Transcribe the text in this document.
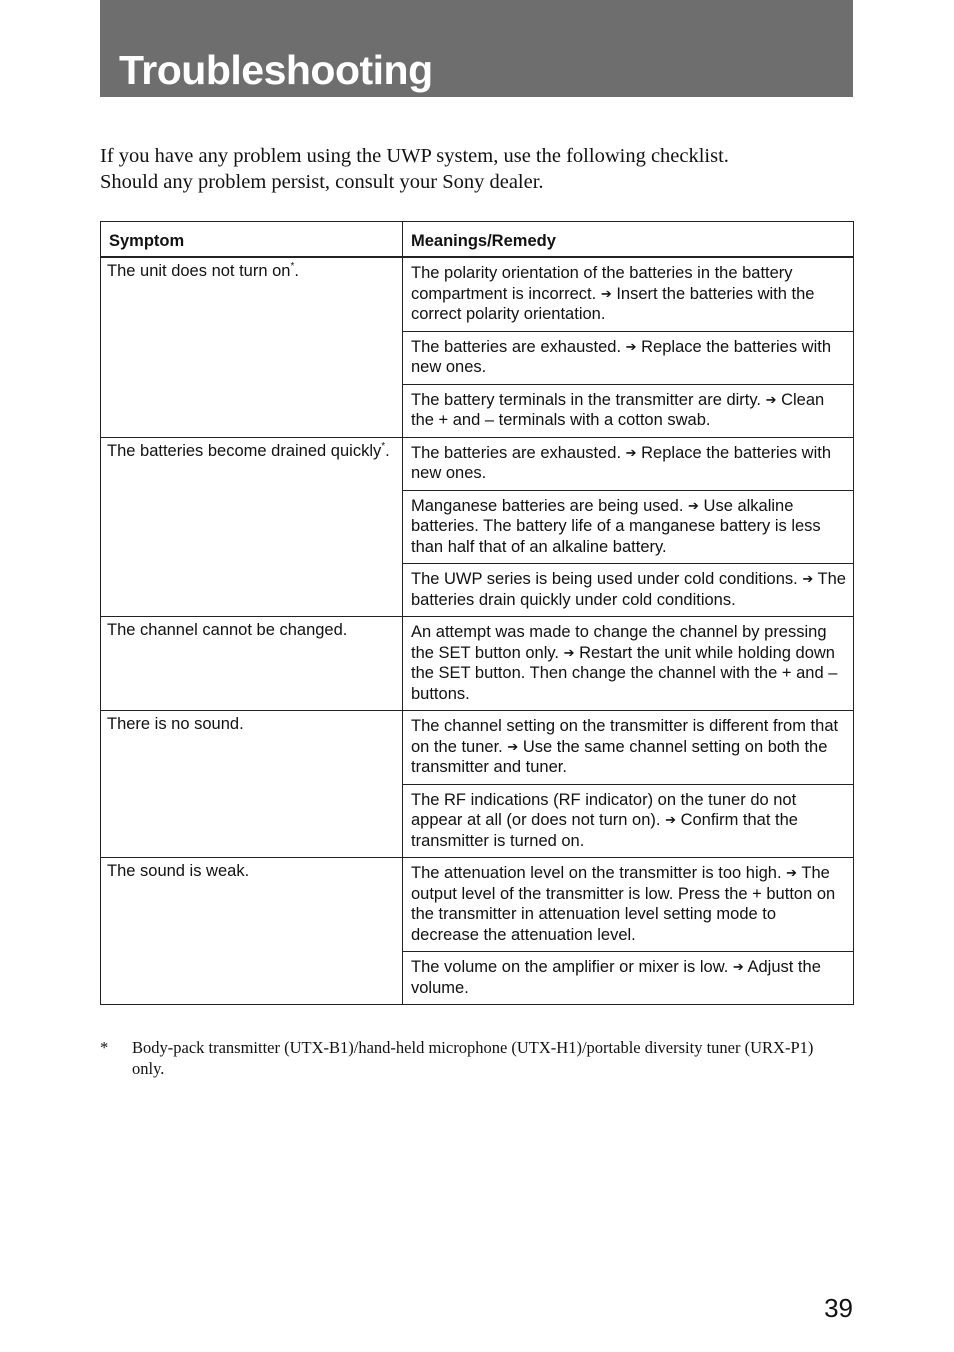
Troubleshooting

If you have any problem using the UWP system, use the following checklist.

Should any problem persist, consult your Sony dealer.

Symptom	Meanings/Remedy
The unit does not turn on*.	The polarity orientation of the batteries in the battery compartment is incorrect. ➔ Insert the batteries with the correct polarity orientation.
	The batteries are exhausted. ➔ Replace the batteries with new ones.
	The battery terminals in the transmitter are dirty. ➔ Clean the + and – terminals with a cotton swab.
The batteries become drained quickly*.	The batteries are exhausted. ➔ Replace the batteries with new ones.
	Manganese batteries are being used. ➔ Use alkaline batteries. The battery life of a manganese battery is less than half that of an alkaline battery.
	The UWP series is being used under cold conditions. ➔ The batteries drain quickly under cold conditions.
The channel cannot be changed.	An attempt was made to change the channel by pressing the SET button only. ➔ Restart the unit while holding down the SET button. Then change the channel with the + and – buttons.
There is no sound.	The channel setting on the transmitter is different from that on the tuner. ➔ Use the same channel setting on both the transmitter and tuner.
	The RF indications (RF indicator) on the tuner do not appear at all (or does not turn on). ➔ Confirm that the transmitter is turned on.
The sound is weak.	The attenuation level on the transmitter is too high. ➔ The output level of the transmitter is low. Press the + button on the transmitter in attenuation level setting mode to decrease the attenuation level.
	The volume on the amplifier or mixer is low. ➔ Adjust the volume.
* Body-pack transmitter (UTX-B1)/hand-held microphone (UTX-H1)/portable diversity tuner (URX-P1) only.
39
